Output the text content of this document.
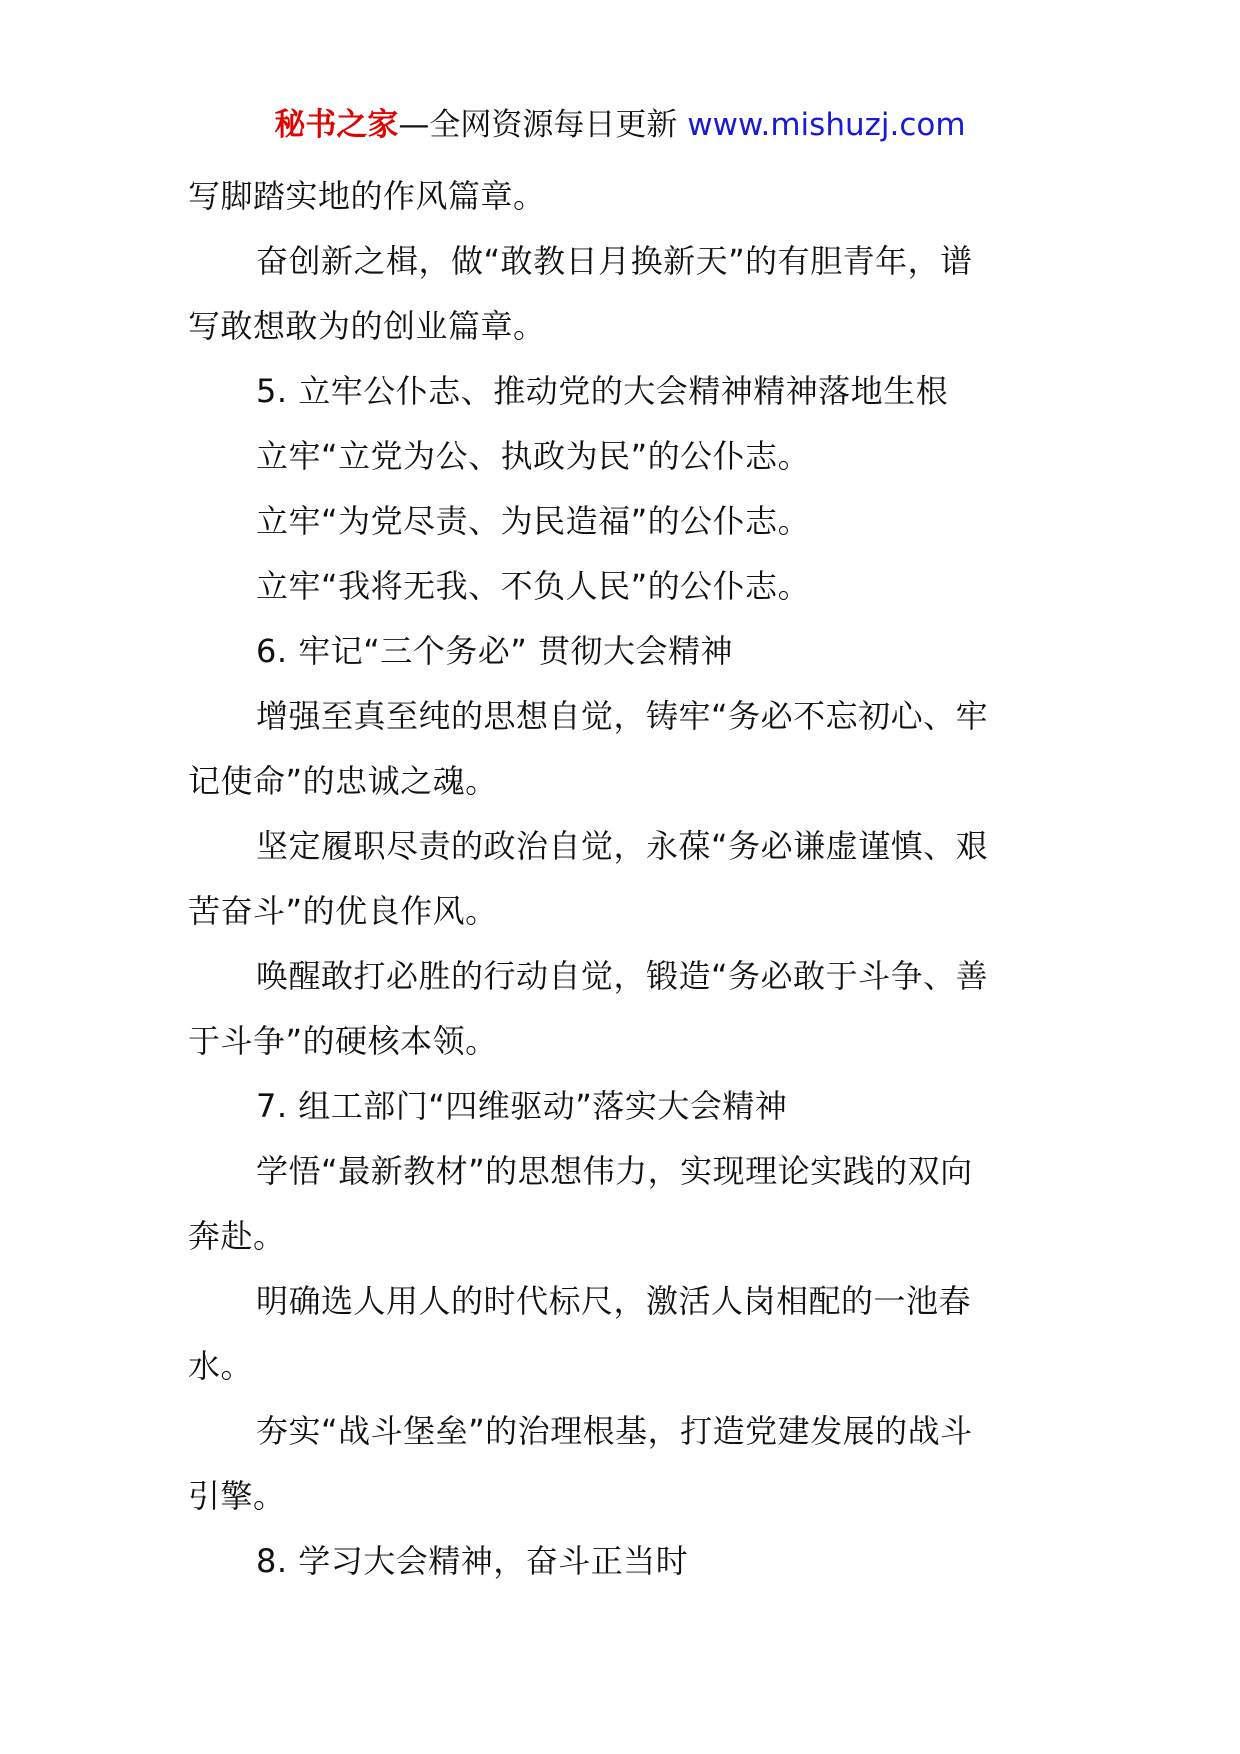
秘书之家—全网资源每日更新 www.mishuzj.com
写脚踏实地的作风篇章。
奋创新之楫，做“敢教日月换新天”的有胆青年，谱
写敢想敢为的创业篇章。
5. 立牢公仆志、推动党的大会精神精神落地生根
立牢“立党为公、执政为民”的公仆志。
立牢“为党尽责、为民造福”的公仆志。
立牢“我将无我、不负人民”的公仆志。
6. 牢记“三个务必” 贯彻大会精神
增强至真至纯的思想自觉，铸牢“务必不忘初心、牢
记使命”的忠诚之魂。
坚定履职尽责的政治自觉，永葆“务必谦虚谨慎、艰
苦奋斗”的优良作风。
唤醒敢打必胜的行动自觉，锻造“务必敢于斗争、善
于斗争”的硬核本领。
7. 组工部门“四维驱动”落实大会精神
学悟“最新教材”的思想伟力，实现理论实践的双向
奔赴。
明确选人用人的时代标尺，激活人岗相配的一池春
水。
夯实“战斗堡垒”的治理根基，打造党建发展的战斗
引擎。
8. 学习大会精神，奋斗正当时
